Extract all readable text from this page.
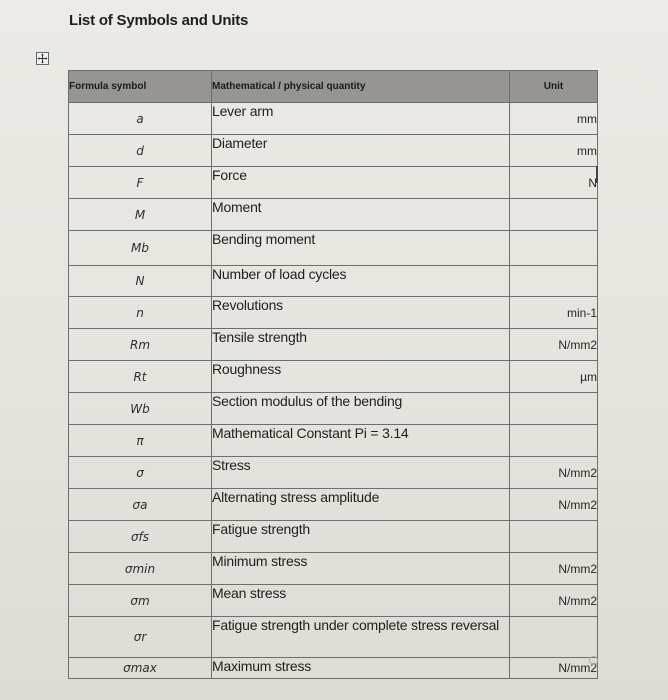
List of Symbols and Units
Formula symbol	Mathematical / physical quantity	Unit
a	Lever arm	mm
d	Diameter	mm
F	Force	N
M	Moment	
Mb	Bending moment	
N	Number of load cycles	
n	Revolutions	min-1
Rm	Tensile strength	N/mm2
Rt	Roughness	µm
Wb	Section modulus of the bending	
π	Mathematical Constant Pi = 3.14	
σ	Stress	N/mm2
σa	Alternating stress amplitude	N/mm2
σfs	Fatigue strength	
σmin	Minimum stress	N/mm2
σm	Mean stress	N/mm2
σr	Fatigue strength under complete stress reversal	
σmax	Maximum stress	N/mm2
